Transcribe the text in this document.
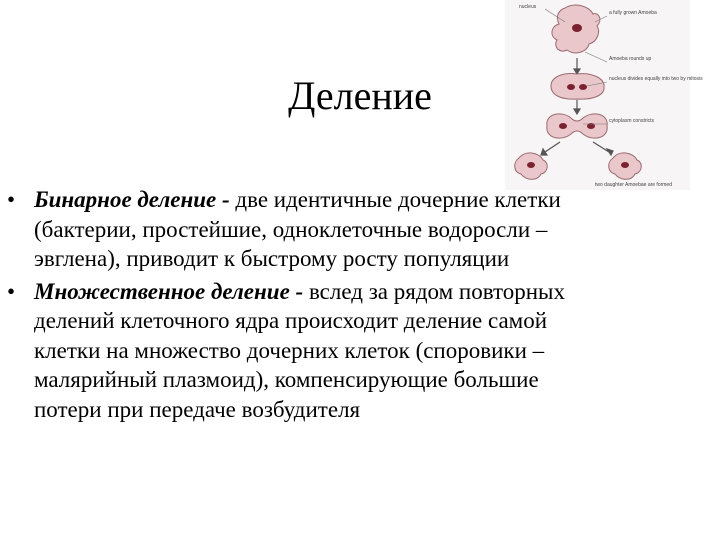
Деление
nucleus
a fully grown Amoeba
Amoeba rounds up
nucleus divides equally into two by mitosis
cytoplasm constricts
two daughter Amoebae are formed
• Бинарное деление - две идентичные дочерние клетки (бактерии, простейшие, одноклеточные водоросли – эвглена), приводит к быстрому росту популяции
• Множественное деление - вслед за рядом повторных делений клеточного ядра происходит деление самой клетки на множество дочерних клеток (споровики – малярийный плазмоид), компенсирующие большие потери при передаче возбудителя
